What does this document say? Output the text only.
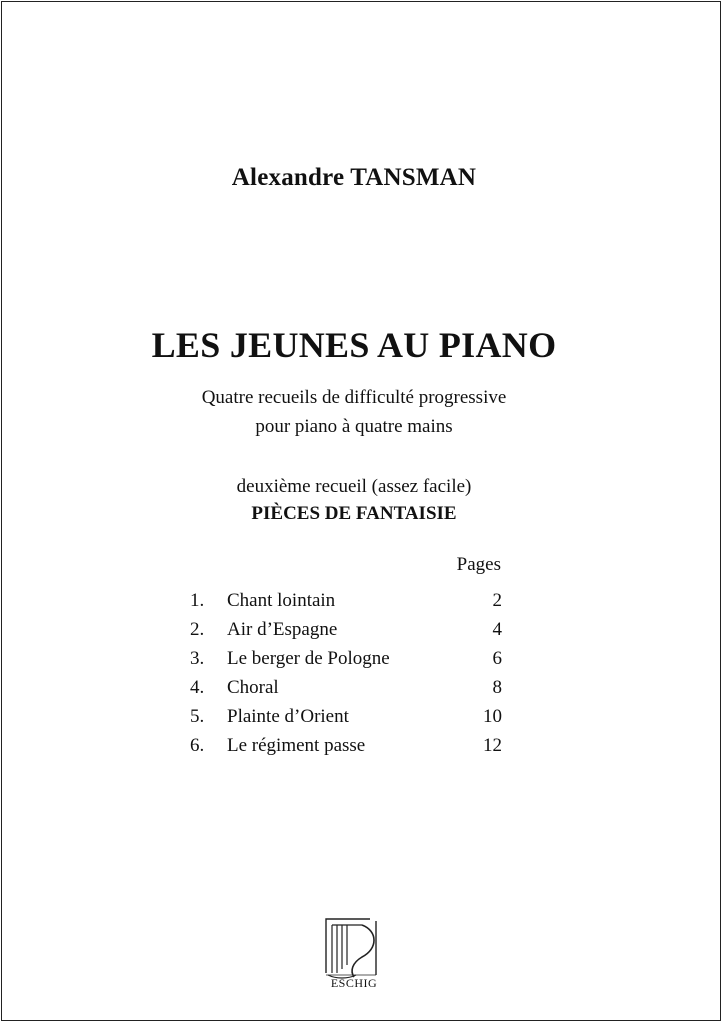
Alexandre TANSMAN
LES JEUNES AU PIANO
Quatre recueils de difficulté progressive
pour piano à quatre mains
deuxième recueil (assez facile)
PIÈCES DE FANTAISIE
Pages
1.	Chant lointain	2
2.	Air d’Espagne	4
3.	Le berger de Pologne	6
4.	Choral	8
5.	Plainte d’Orient	10
6.	Le régiment passe	12
ESCHIG
